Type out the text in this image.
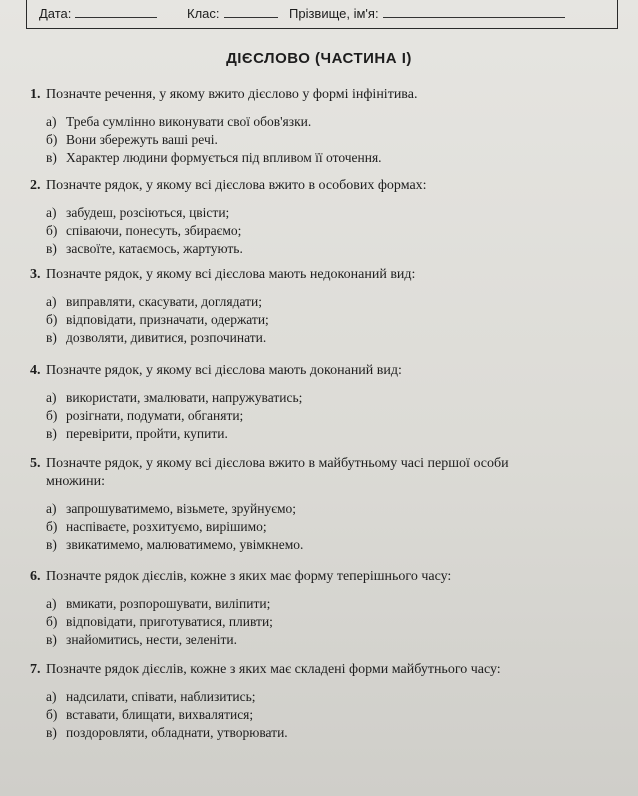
Дата:	Клас:	Прізвище, ім'я:
ДІЄСЛОВО (ЧАСТИНА І)
1. Позначте речення, у якому вжито дієслово у формі інфінітива.
а) Треба сумлінно виконувати свої обов'язки.
б) Вони збережуть ваші речі.
в) Характер людини формується під впливом її оточення.
2. Позначте рядок, у якому всі дієслова вжито в особових формах:
а) забудеш, розсіються, цвісти;
б) співаючи, понесуть, збираємо;
в) засвоїте, катаємось, жартують.
3. Позначте рядок, у якому всі дієслова мають недоконаний вид:
а) виправляти, скасувати, доглядати;
б) відповідати, призначати, одержати;
в) дозволяти, дивитися, розпочинати.
4. Позначте рядок, у якому всі дієслова мають доконаний вид:
а) використати, змалювати, напружуватись;
б) розігнати, подумати, обганяти;
в) перевірити, пройти, купити.
5. Позначте рядок, у якому всі дієслова вжито в майбутньому часі першої особи
множини:
а) запрошуватимемо, візьмете, зруйнуємо;
б) наспіваєте, розхитуємо, вирішимо;
в) звикатимемо, малюватимемо, увімкнемо.
6. Позначте рядок дієслів, кожне з яких має форму теперішнього часу:
а) вмикати, розпорошувати, виліпити;
б) відповідати, приготуватися, пливти;
в) знайомитись, нести, зеленіти.
7. Позначте рядок дієслів, кожне з яких має складені форми майбутнього часу:
а) надсилати, співати, наблизитись;
б) вставати, блищати, вихвалятися;
в) поздоровляти, обладнати, утворювати.
